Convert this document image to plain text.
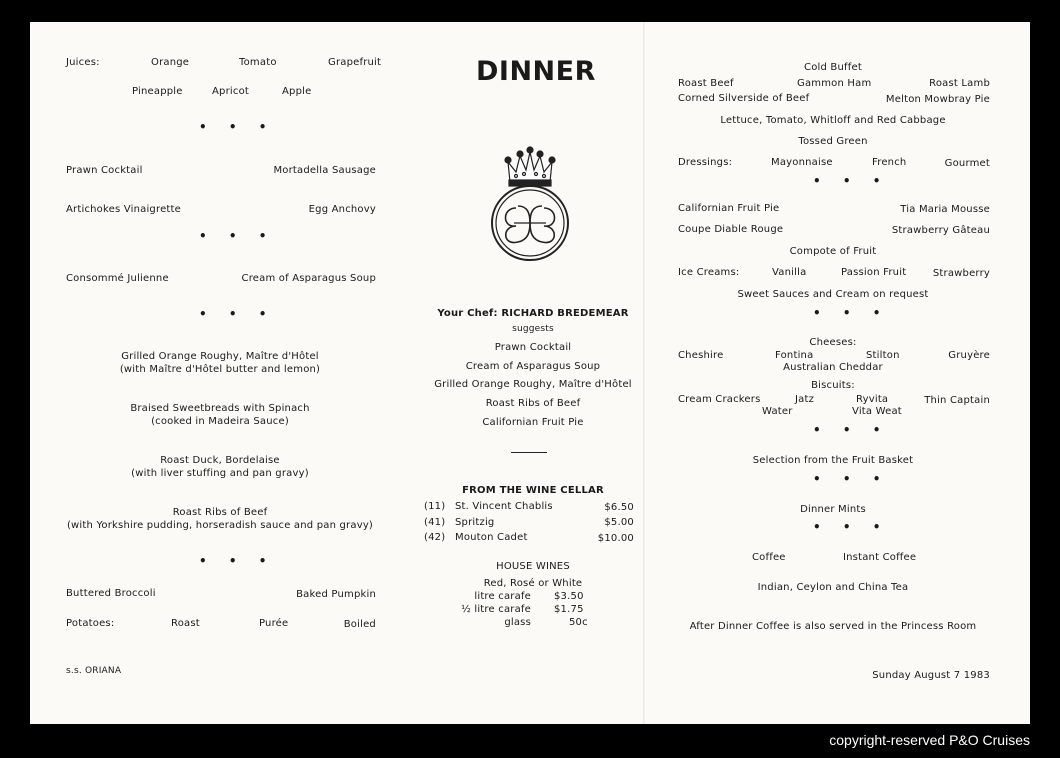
Juices:	Orange	Tomato	Grapefruit
Pineapple	Apricot	Apple
• • •
Prawn Cocktail	Mortadella Sausage
Artichokes Vinaigrette	Egg Anchovy
• • •
Consommé Julienne	Cream of Asparagus Soup
• • •
Grilled Orange Roughy, Maître d'Hôtel
(with Maître d'Hôtel butter and lemon)
Braised Sweetbreads with Spinach
(cooked in Madeira Sauce)
Roast Duck, Bordelaise
(with liver stuffing and pan gravy)
Roast Ribs of Beef
(with Yorkshire pudding, horseradish sauce and pan gravy)
• • •
Buttered Broccoli	Baked Pumpkin
Potatoes:	Roast	Purée	Boiled
s.s. ORIANA
DINNER
Your Chef: RICHARD BREDEMEAR
suggests
Prawn Cocktail
Cream of Asparagus Soup
Grilled Orange Roughy, Maître d'Hôtel
Roast Ribs of Beef
Californian Fruit Pie
FROM THE WINE CELLAR
(11) St. Vincent Chablis	$6.50
(41) Spritzig	$5.00
(42) Mouton Cadet	$10.00
HOUSE WINES
Red, Rosé or White
litre carafe $3.50
½ litre carafe $1.75
glass	50c
Cold Buffet
Roast Beef	Gammon Ham	Roast Lamb
Corned Silverside of Beef	Melton Mowbray Pie
Lettuce, Tomato, Whitloff and Red Cabbage
Tossed Green
Dressings:	Mayonnaise	French	Gourmet
• • •
Californian Fruit Pie	Tia Maria Mousse
Coupe Diable Rouge	Strawberry Gâteau
Compote of Fruit
Ice Creams:	Vanilla	Passion Fruit	Strawberry
Sweet Sauces and Cream on request
• • •
Cheeses:
Cheshire	Fontina	Stilton	Gruyère
Australian Cheddar
Biscuits:
Cream Crackers	Jatz	Ryvita	Thin Captain
Water	Vita Weat
• • •
Selection from the Fruit Basket
• • •
Dinner Mints
• • •
Coffee	Instant Coffee
Indian, Ceylon and China Tea
After Dinner Coffee is also served in the Princess Room
Sunday August 7 1983
copyright-reserved P&O Cruises
